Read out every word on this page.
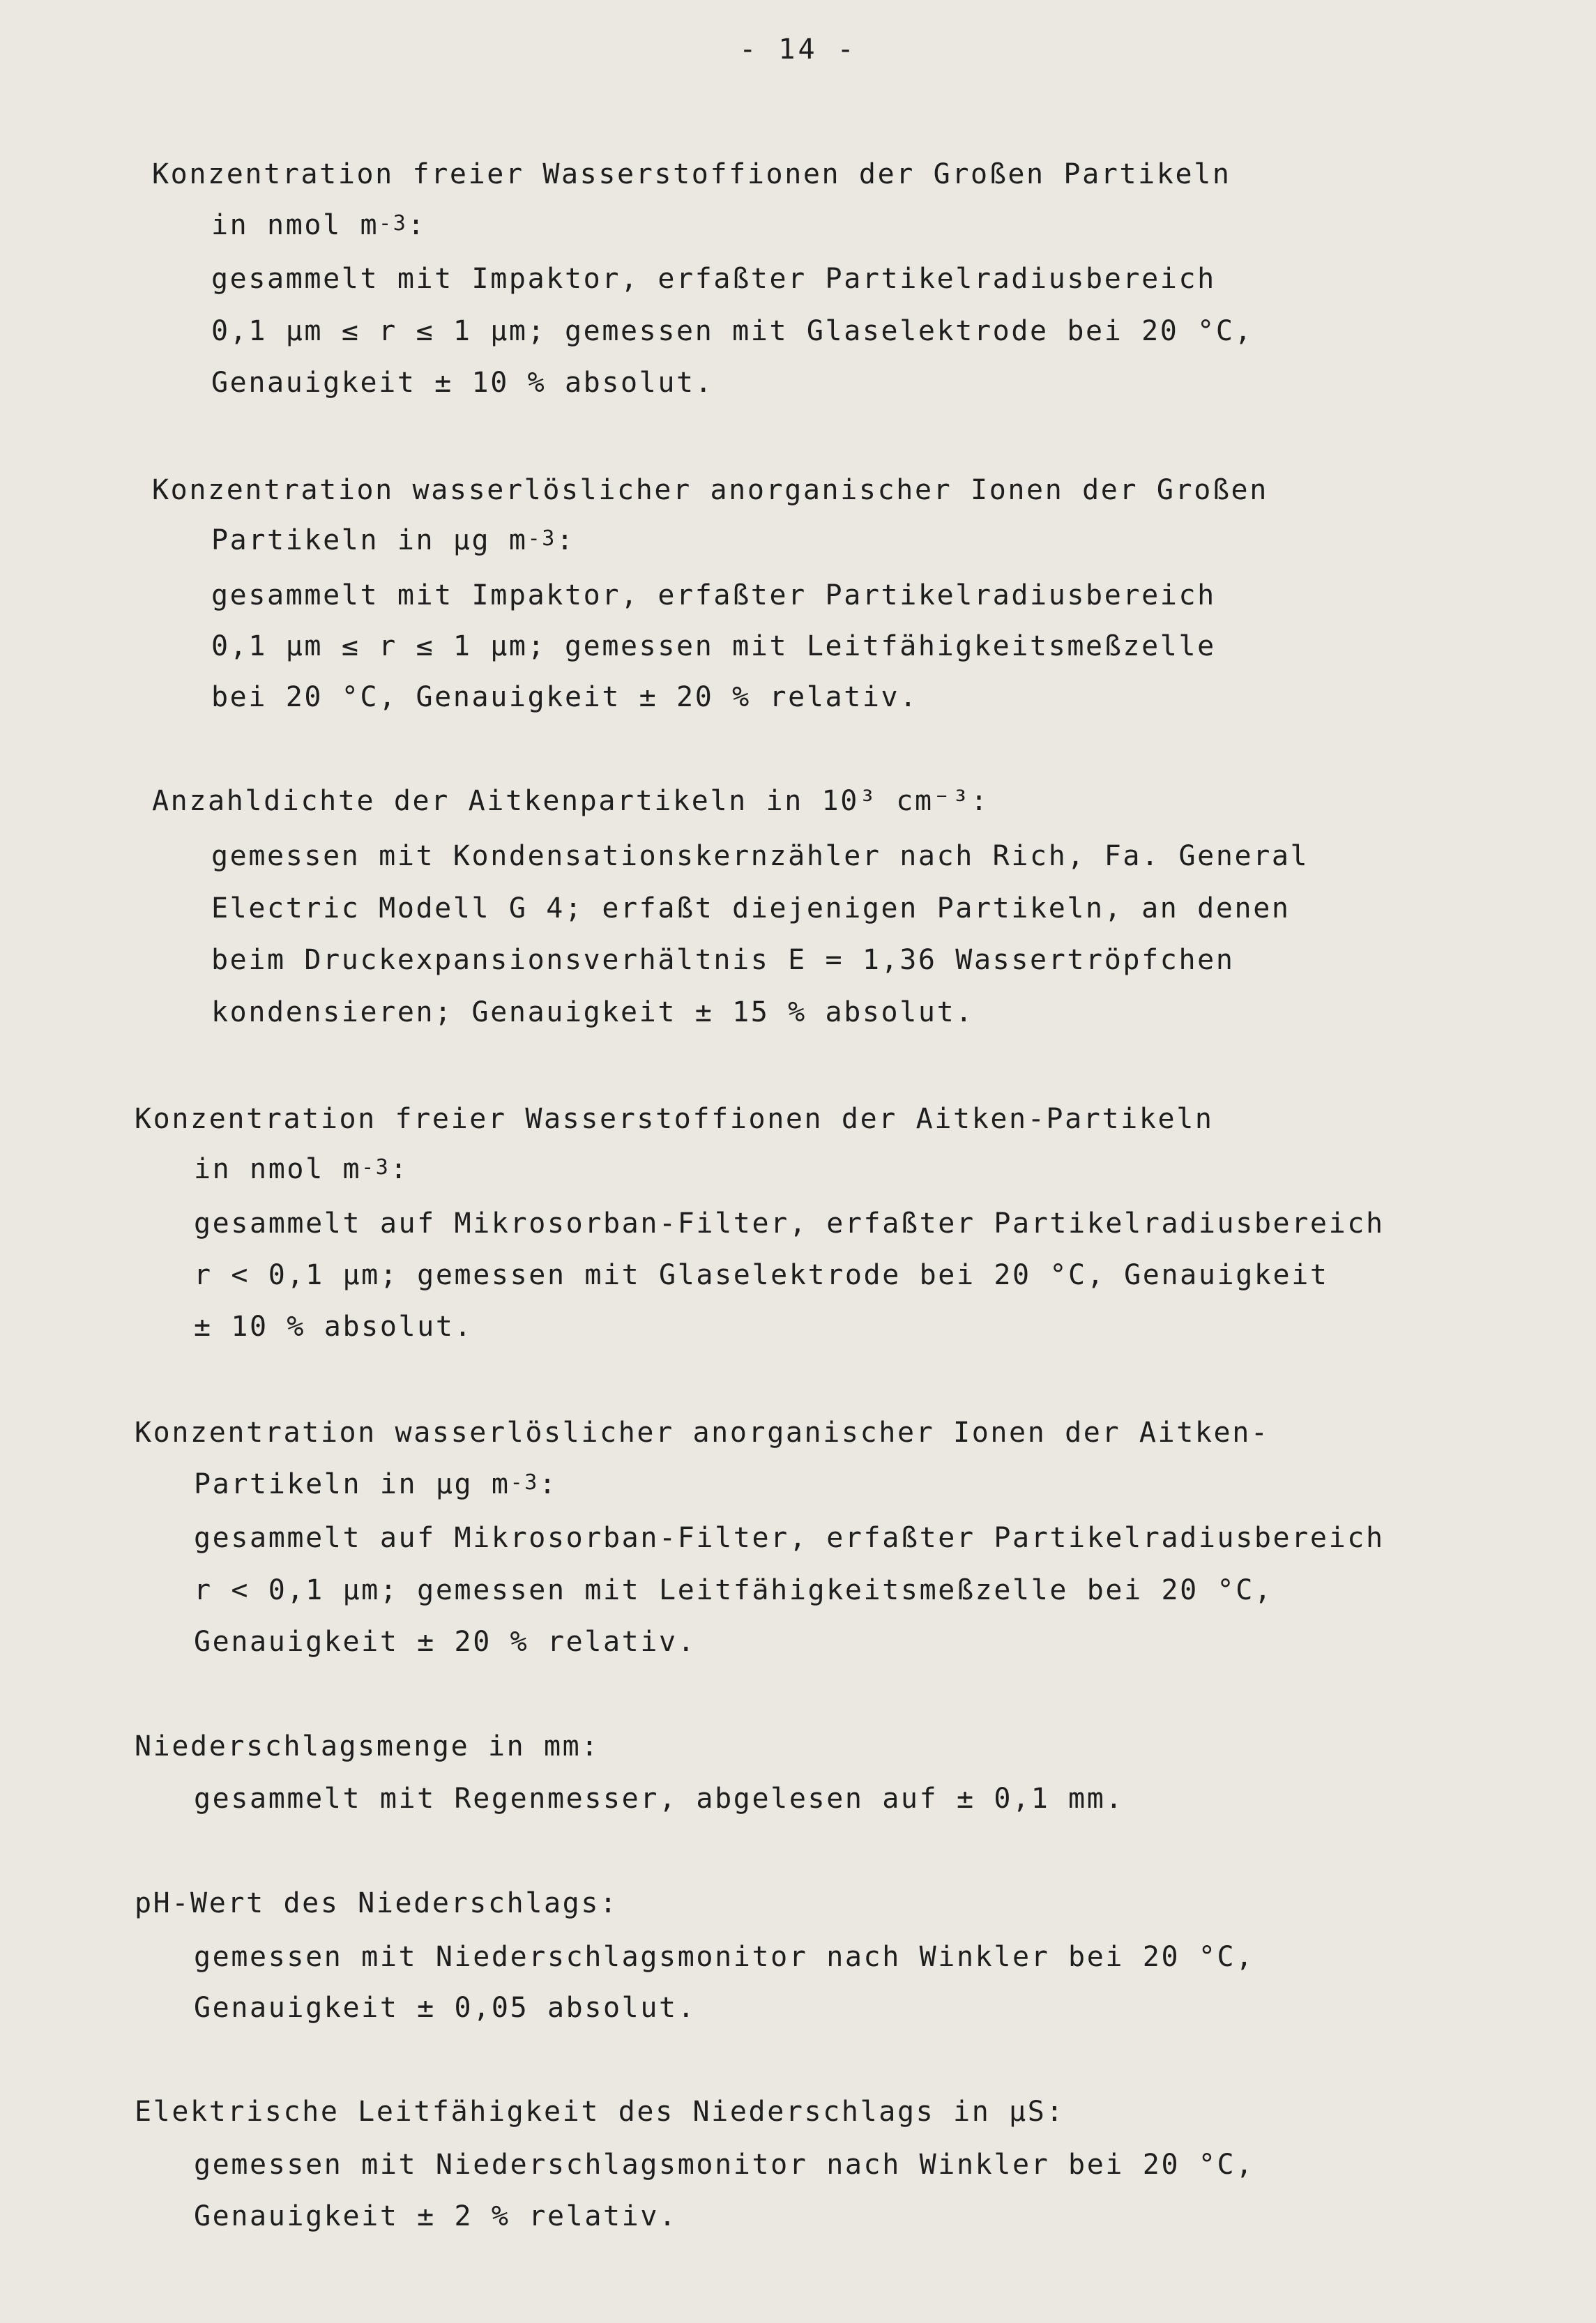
- 14 -
Konzentration freier Wasserstoffionen der Großen Partikeln
in nmol $m^{-3}$:
gesammelt mit Impaktor, erfaßter Partikelradiusbereich
0,1 µm ≤ r ≤ 1 µm; gemessen mit Glaselektrode bei 20 °C,
Genauigkeit ± 10 % absolut.
Konzentration wasserlöslicher anorganischer Ionen der Großen
Partikeln in µg $m^{-3}$:
gesammelt mit Impaktor, erfaßter Partikelradiusbereich
0,1 µm ≤ r ≤ 1 µm; gemessen mit Leitfähigkeitsmeßzelle
bei 20 °C, Genauigkeit ± 20 % relativ.
Anzahldichte der Aitkenpartikeln in 10³ cm⁻³:
gemessen mit Kondensationskernzähler nach Rich, Fa. General
Electric Modell G 4; erfaßt diejenigen Partikeln, an denen
beim Druckexpansionsverhältnis E = 1,36 Wassertröpfchen
kondensieren; Genauigkeit ± 15 % absolut.
Konzentration freier Wasserstoffionen der Aitken-Partikeln
in nmol $m^{-3}$:
gesammelt auf Mikrosorban-Filter, erfaßter Partikelradiusbereich
r < 0,1 µm; gemessen mit Glaselektrode bei 20 °C, Genauigkeit
± 10 % absolut.
Konzentration wasserlöslicher anorganischer Ionen der Aitken-
Partikeln in µg $m^{-3}$:
gesammelt auf Mikrosorban-Filter, erfaßter Partikelradiusbereich
r < 0,1 µm; gemessen mit Leitfähigkeitsmeßzelle bei 20 °C,
Genauigkeit ± 20 % relativ.
Niederschlagsmenge in mm:
gesammelt mit Regenmesser, abgelesen auf ± 0,1 mm.
pH-Wert des Niederschlags:
gemessen mit Niederschlagsmonitor nach Winkler bei 20 °C,
Genauigkeit ± 0,05 absolut.
Elektrische Leitfähigkeit des Niederschlags in µS:
gemessen mit Niederschlagsmonitor nach Winkler bei 20 °C,
Genauigkeit ± 2 % relativ.
